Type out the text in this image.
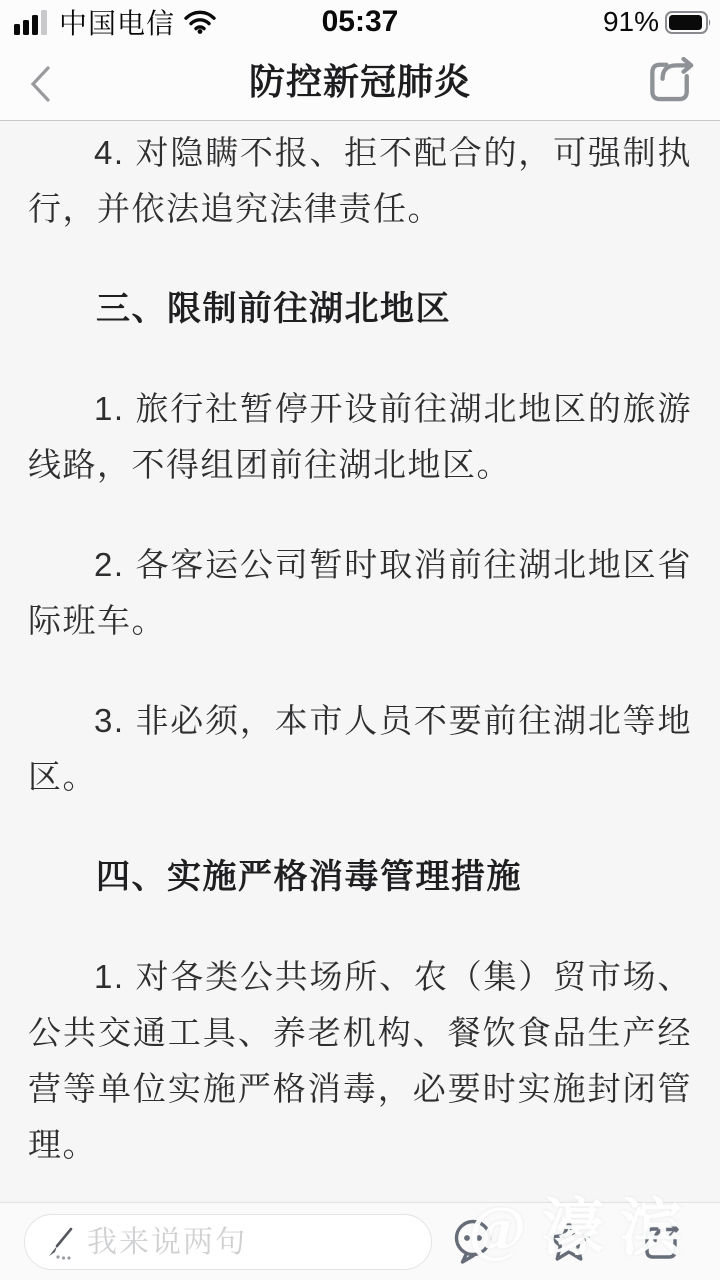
中国电信	05:37	91%
防控新冠肺炎

4. 对隐瞒不报、拒不配合的，可强制执行，并依法追究法律责任。

三、限制前往湖北地区

1. 旅行社暂停开设前往湖北地区的旅游线路，不得组团前往湖北地区。

2. 各客运公司暂时取消前往湖北地区省际班车。

3. 非必须，本市人员不要前往湖北等地区。

四、实施严格消毒管理措施

1. 对各类公共场所、农（集）贸市场、公共交通工具、养老机构、餐饮食品生产经营等单位实施严格消毒，必要时实施封闭管理。

@濠滨
我来说两句
